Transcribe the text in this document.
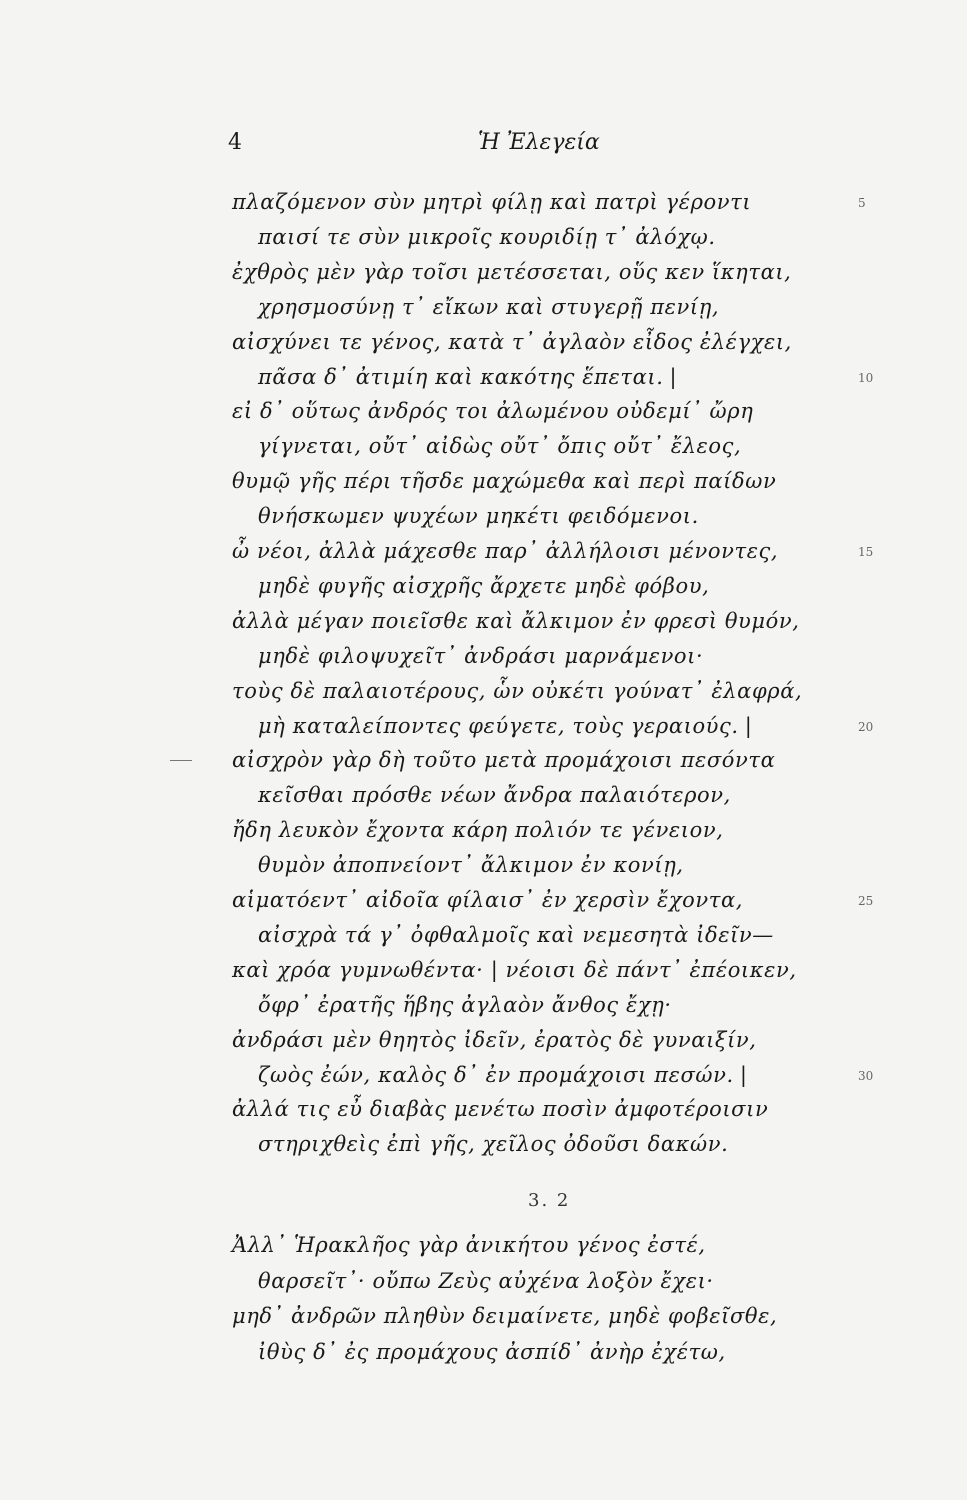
4	Ἡ Ἐλεγεία
πλαζόμενον σὺν μητρὶ φίλῃ καὶ πατρὶ γέροντι	5
παισί τε σὺν μικροῖς κουριδίῃ τ᾽ ἀλόχῳ.
ἐχθρὸς μὲν γὰρ τοῖσι μετέσσεται, οὕς κεν ἵκηται,
χρησμοσύνῃ τ᾽ εἴκων καὶ στυγερῇ πενίῃ,
αἰσχύνει τε γένος, κατὰ τ᾽ ἀγλαὸν εἶδος ἐλέγχει,
πᾶσα δ᾽ ἀτιμίη καὶ κακότης ἕπεται. |	10
εἰ δ᾽ οὕτως ἀνδρός τοι ἀλωμένου οὐδεμί᾽ ὤρη
γίγνεται, οὔτ᾽ αἰδὼς οὔτ᾽ ὄπις οὔτ᾽ ἔλεος,
θυμῷ γῆς πέρι τῆσδε μαχώμεθα καὶ περὶ παίδων
θνήσκωμεν ψυχέων μηκέτι φειδόμενοι.
ὦ νέοι, ἀλλὰ μάχεσθε παρ᾽ ἀλλήλοισι μένοντες,	15
μηδὲ φυγῆς αἰσχρῆς ἄρχετε μηδὲ φόβου,
ἀλλὰ μέγαν ποιεῖσθε καὶ ἄλκιμον ἐν φρεσὶ θυμόν,
μηδὲ φιλοψυχεῖτ᾽ ἀνδράσι μαρνάμενοι·
τοὺς δὲ παλαιοτέρους, ὧν οὐκέτι γούνατ᾽ ἐλαφρά,
μὴ καταλείποντες φεύγετε, τοὺς γεραιούς. |	20
αἰσχρὸν γὰρ δὴ τοῦτο μετὰ προμάχοισι πεσόντα
κεῖσθαι πρόσθε νέων ἄνδρα παλαιότερον,
ἤδη λευκὸν ἔχοντα κάρη πολιόν τε γένειον,
θυμὸν ἀποπνείοντ᾽ ἄλκιμον ἐν κονίῃ,
αἱματόεντ᾽ αἰδοῖα φίλαισ᾽ ἐν χερσὶν ἔχοντα,	25
αἰσχρὰ τά γ᾽ ὀφθαλμοῖς καὶ νεμεσητὰ ἰδεῖν—
καὶ χρόα γυμνωθέντα· | νέοισι δὲ πάντ᾽ ἐπέοικεν,
ὄφρ᾽ ἐρατῆς ἥβης ἀγλαὸν ἄνθος ἔχῃ·
ἀνδράσι μὲν θηητὸς ἰδεῖν, ἐρατὸς δὲ γυναιξίν,
ζωὸς ἐών, καλὸς δ᾽ ἐν προμάχοισι πεσών. |	30
ἀλλά τις εὖ διαβὰς μενέτω ποσὶν ἀμφοτέροισιν
στηριχθεὶς ἐπὶ γῆς, χεῖλος ὀδοῦσι δακών.
3. 2
Ἀλλ᾽ Ἡρακλῆος γὰρ ἀνικήτου γένος ἐστέ,
θαρσεῖτ᾽· οὔπω Ζεὺς αὐχένα λοξὸν ἔχει·
μηδ᾽ ἀνδρῶν πληθὺν δειμαίνετε, μηδὲ φοβεῖσθε,
ἰθὺς δ᾽ ἐς προμάχους ἀσπίδ᾽ ἀνὴρ ἐχέτω,
